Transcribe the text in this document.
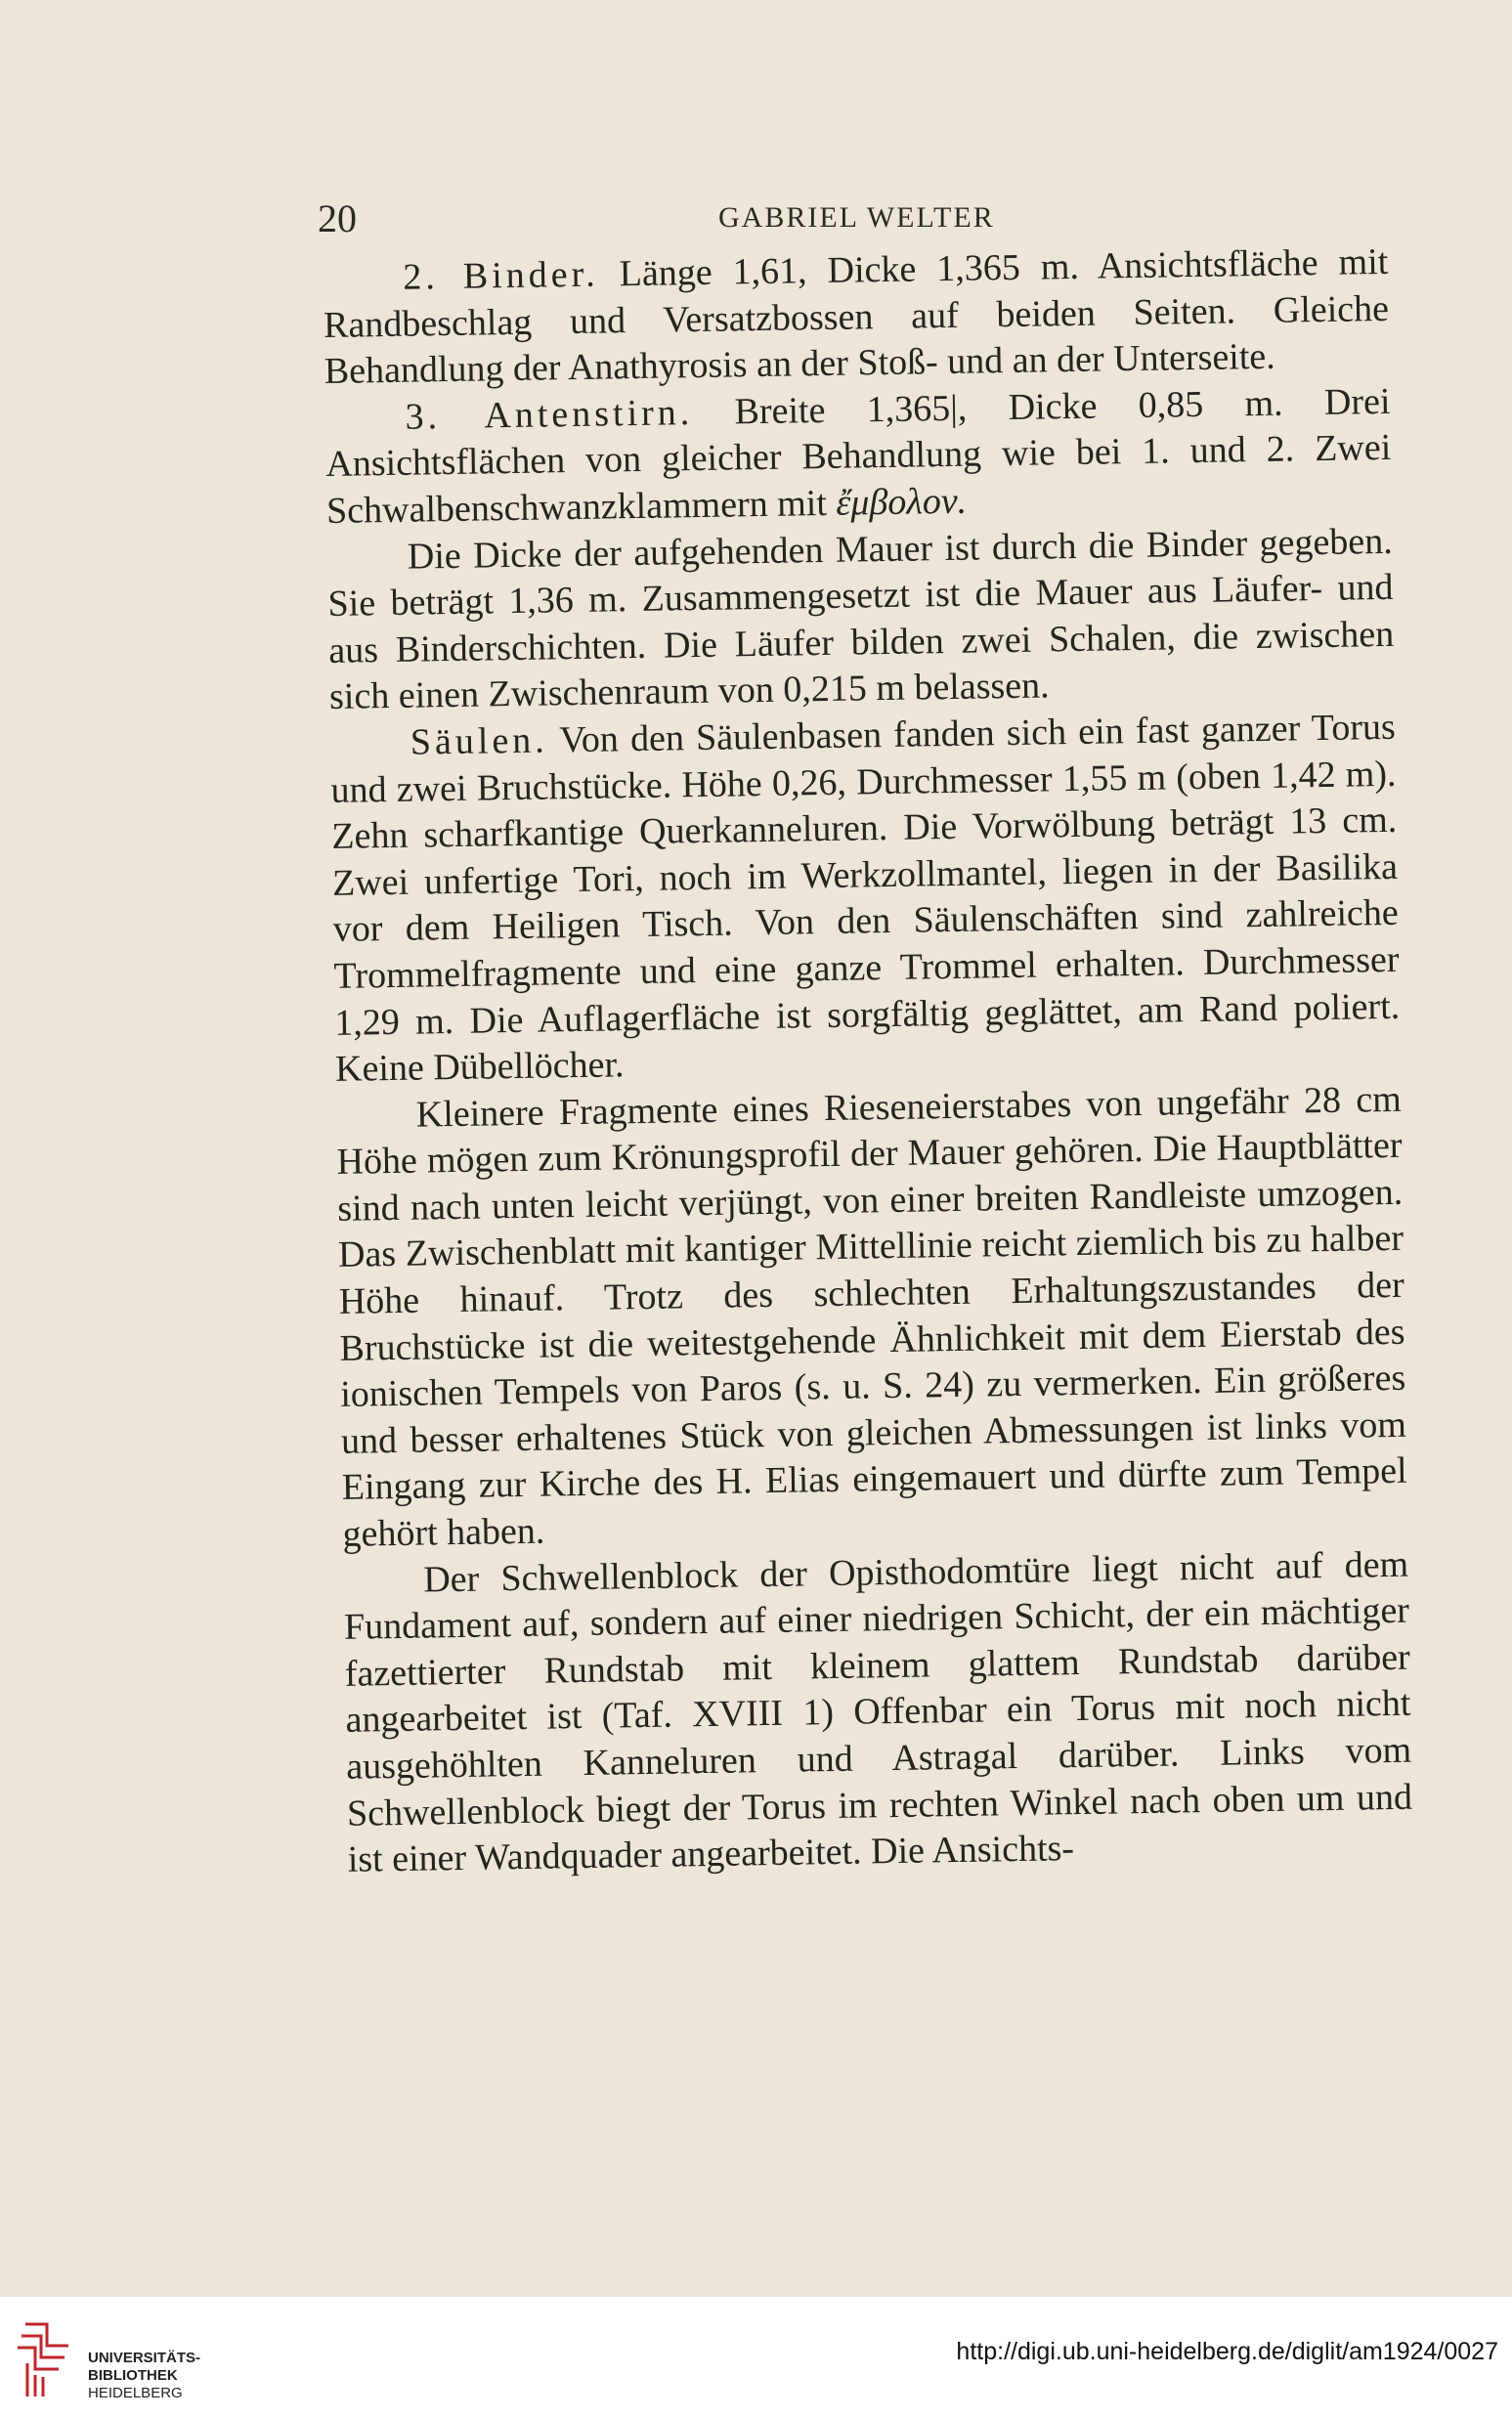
20	GABRIEL WELTER

2. Binder. Länge 1,61, Dicke 1,365 m. Ansichtsfläche mit Randbeschlag und Versatzbossen auf beiden Seiten. Gleiche Behandlung der Anathyrosis an der Stoß- und an der Unterseite.

3. Antenstirn. Breite 1,365|, Dicke 0,85 m. Drei Ansichtsflächen von gleicher Behandlung wie bei 1. und 2. Zwei Schwalbenschwanzklammern mit ἔμβολον.

Die Dicke der aufgehenden Mauer ist durch die Binder gegeben. Sie beträgt 1,36 m. Zusammengesetzt ist die Mauer aus Läufer- und aus Binderschichten. Die Läufer bilden zwei Schalen, die zwischen sich einen Zwischenraum von 0,215 m belassen.

Säulen. Von den Säulenbasen fanden sich ein fast ganzer Torus und zwei Bruchstücke. Höhe 0,26, Durchmesser 1,55 m (oben 1,42 m). Zehn scharfkantige Querkanneluren. Die Vorwölbung beträgt 13 cm. Zwei unfertige Tori, noch im Werkzollmantel, liegen in der Basilika vor dem Heiligen Tisch. Von den Säulenschäften sind zahlreiche Trommelfragmente und eine ganze Trommel erhalten. Durchmesser 1,29 m. Die Auflagerfläche ist sorgfältig geglättet, am Rand poliert. Keine Dübellöcher.

Kleinere Fragmente eines Rieseneierstabes von ungefähr 28 cm Höhe mögen zum Krönungsprofil der Mauer gehören. Die Hauptblätter sind nach unten leicht verjüngt, von einer breiten Randleiste umzogen. Das Zwischenblatt mit kantiger Mittellinie reicht ziemlich bis zu halber Höhe hinauf. Trotz des schlechten Erhaltungszustandes der Bruchstücke ist die weitestgehende Ähnlichkeit mit dem Eierstab des ionischen Tempels von Paros (s. u. S. 24) zu vermerken. Ein größeres und besser erhaltenes Stück von gleichen Abmessungen ist links vom Eingang zur Kirche des H. Elias eingemauert und dürfte zum Tempel gehört haben.

Der Schwellenblock der Opisthodomtüre liegt nicht auf dem Fundament auf, sondern auf einer niedrigen Schicht, der ein mächtiger fazettierter Rundstab mit kleinem glattem Rundstab darüber angearbeitet ist (Taf. XVIII 1) Offenbar ein Torus mit noch nicht ausgehöhlten Kanneluren und Astragal darüber. Links vom Schwellenblock biegt der Torus im rechten Winkel nach oben um und ist einer Wandquader angearbeitet. Die Ansichts-

UNIVERSITÄTS-
BIBLIOTHEK
HEIDELBERG
http://digi.ub.uni-heidelberg.de/diglit/am1924/0027
